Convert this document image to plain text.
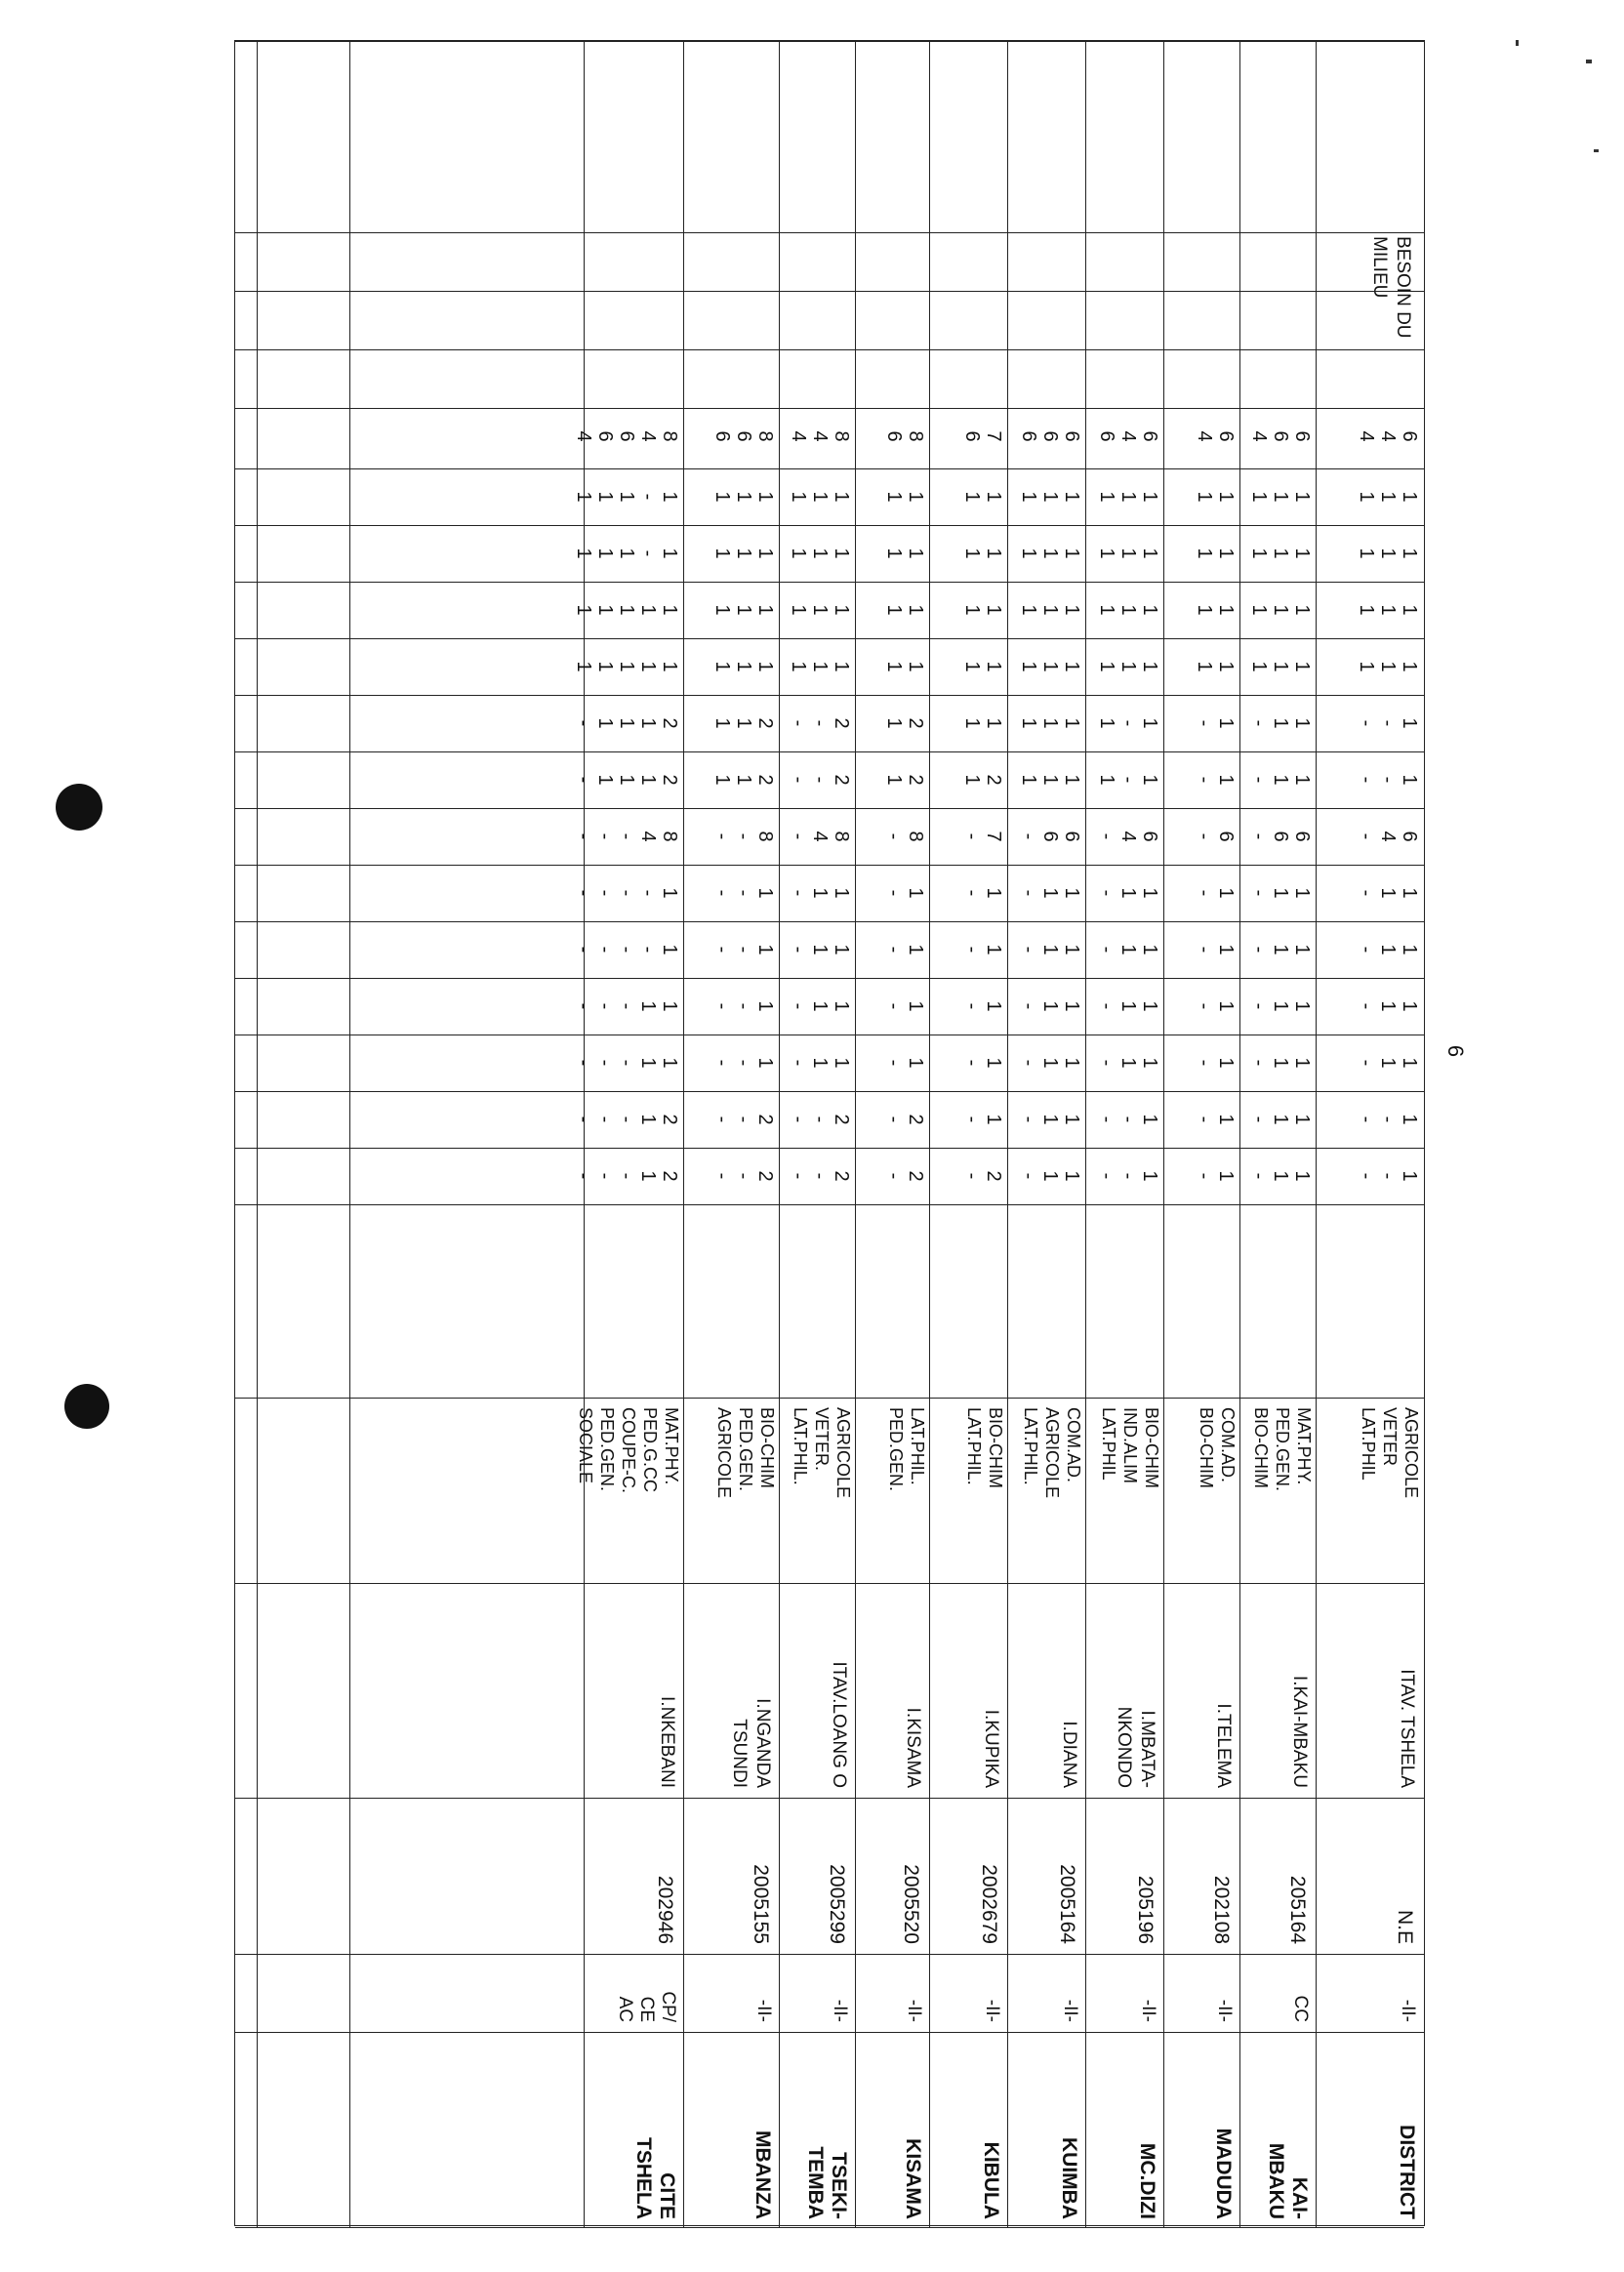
6
BESOIN DU MILIEU
DISTRICT
-II-
N.E
ITAV. TSHELA
AGRICOLE
VETER
LAT.PHIL
1
-
-
1
-
-
1
1
-
1
1
-
1
1
-
1
1
-
6
4
-
1
-
-
1
-
-
1
1
1
1
1
1
1
1
1
1
1
1
6
4
4
KAI-
MBAKU
CC
205164
I.KAI-MBAKU
MAT.PHY.
PED.GEN.
BIO-CHIM
1
1
-
1
1
-
1
1
-
1
1
-
1
1
-
1
1
-
6
6
-
1
1
-
1
1
-
1
1
1
1
1
1
1
1
1
1
1
1
6
6
4
MADUDA
-II-
202108
I.TELEMA
COM.AD.
BIO-CHIM
1
-
1
-
1
-
1
-
1
-
1
-
6
-
1
-
1
-
1
1
1
1
1
1
1
1
6
4
MC.DIZI
-II-
205196
I.MBATA-
NKONDO
BIO-CHIM
IND.ALIM
LAT.PHIL
1
-
-
1
-
-
1
1
-
1
1
-
1
1
-
1
1
-
6
4
-
1
-
1
1
-
1
1
1
1
1
1
1
1
1
1
1
1
1
6
4
6
KUIMBA
-II-
2005164
I.DIANA
COM.AD.
AGRICOLE
LAT.PHIL.
1
1
-
1
1
-
1
1
-
1
1
-
1
1
-
1
1
-
6
6
-
1
1
1
1
1
1
1
1
1
1
1
1
1
1
1
1
1
1
6
6
6
KIBULA
-II-
2002679
I.KUPIKA
BIO-CHIM
LAT.PHIL.
2
-
1
-
1
-
1
-
1
-
1
-
7
-
2
1
1
1
1
1
1
1
1
1
1
1
7
6
KISAMA
-II-
2005520
I.KISAMA
LAT.PHIL.
PED.GEN.
2
-
2
-
1
-
1
-
1
-
1
-
8
-
2
1
2
1
1
1
1
1
1
1
1
1
8
6
TSEKI-
TEMBA
-II-
2005299
ITAV.LOANG O
AGRICOLE
VETER.
LAT.PHIL.
2
-
-
2
-
-
1
1
-
1
1
-
1
1
-
1
1
-
8
4
-
2
-
-
2
-
-
1
1
1
1
1
1
1
1
1
1
1
1
8
4
4
MBANZA
-II-
2005155
I.NGANDA
TSUNDI
BIO-CHIM
PED.GEN.
AGRICOLE
2
-
-
2
-
-
1
-
-
1
-
-
1
-
-
1
-
-
8
-
-
2
1
1
2
1
1
1
1
1
1
1
1
1
1
1
1
1
1
8
6
6
CITE
TSHELA
CP/
CE
AC
202946
I.NKEBANI
MAT.PHY.
PED.G.CC
COUPE-C.
PED.GEN.
SOCIALE
2
1
-
-
-
2
1
-
-
-
1
1
-
-
-
1
1
-
-
-
1
-
-
-
-
1
-
-
-
-
8
4
-
-
-
2
1
1
1
-
2
1
1
1
-
1
1
1
1
1
1
1
1
1
1
1
-
1
1
1
1
-
1
1
1
8
4
6
6
4
